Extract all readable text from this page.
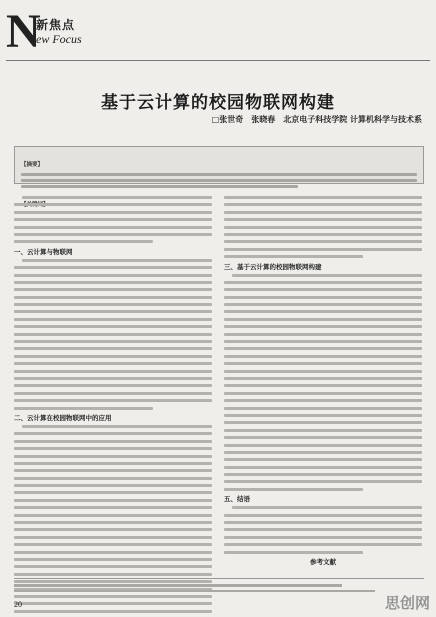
N
新焦点
ew Focus
基于云计算的校园物联网构建
□张世奇　张晓春　北京电子科技学院 计算机科学与技术系
【摘要】
一、云计算与物联网
二、云计算在校园物联网中的应用
三、基于云计算的校园物联网构建
五、结语
参考文献
20	思创网
